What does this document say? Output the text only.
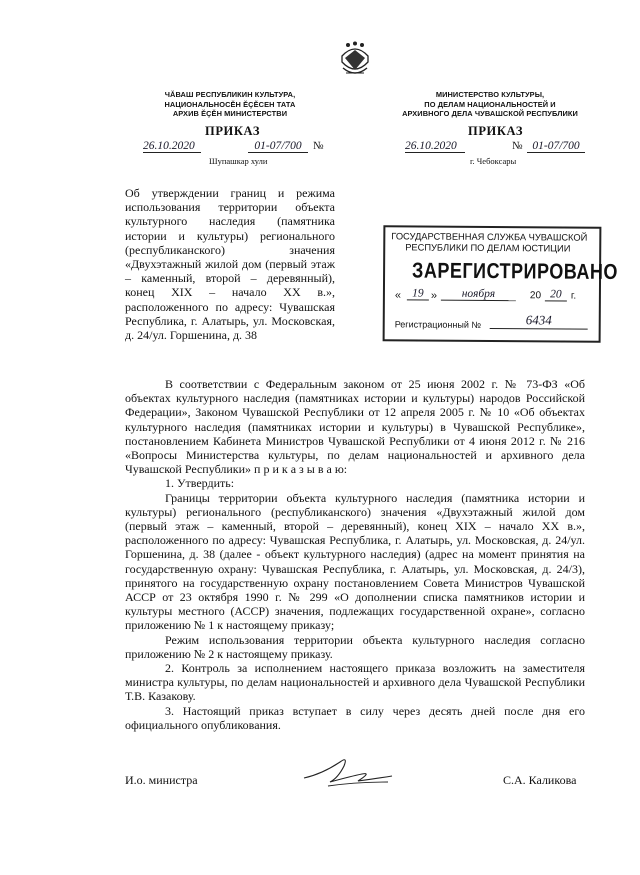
ЧӐВАШ РЕСПУБЛИКИН КУЛЬТУРА,
НАЦИОНАЛЬНОСĔН ĔÇĔСЕН ТАТА
АРХИВ ĔÇĔН МИНИСТЕРСТВИ
МИНИСТЕРСТВО КУЛЬТУРЫ,
ПО ДЕЛАМ НАЦИОНАЛЬНОСТЕЙ И
АРХИВНОГО ДЕЛА ЧУВАШСКОЙ РЕСПУБЛИКИ
ПРИКАЗ	ПРИКАЗ
26.10.2020	01-07/700	№
Шупашкар хули
26.10.2020	№ 01-07/700
г. Чебоксары
Об утверждении границ и режима использования территории объекта культурного наследия (памятника истории и культуры) регионального (республиканского) значения «Двухэтажный жилой дом (первый этаж – каменный, второй – деревянный), конец XIX – начало XX в.», расположенного по адресу: Чувашская Республика, г. Алатырь, ул. Московская, д. 24/ул. Горшенина, д. 38
ГОСУДАРСТВЕННАЯ СЛУЖБА ЧУВАШСКОЙ
РЕСПУБЛИКИ ПО ДЕЛАМ ЮСТИЦИИ
ЗАРЕГИСТРИРОВАНО
« 19 »	ноября	20 20 г.
Регистрационный №	6434

В соответствии с Федеральным законом от 25 июня 2002 г. № 73-ФЗ «Об объектах культурного наследия (памятниках истории и культуры) народов Российской Федерации», Законом Чувашской Республики от 12 апреля 2005 г. № 10 «Об объектах культурного наследия (памятниках истории и культуры) в Чувашской Республике», постановлением Кабинета Министров Чувашской Республики от 4 июня 2012 г. № 216 «Вопросы Министерства культуры, по делам национальностей и архивного дела Чувашской Республики» п р и к а з ы в а ю:

1. Утвердить:

Границы территории объекта культурного наследия (памятника истории и культуры) регионального (республиканского) значения «Двухэтажный жилой дом (первый этаж – каменный, второй – деревянный), конец XIX – начало XX в.», расположенного по адресу: Чувашская Республика, г. Алатырь, ул. Московская, д. 24/ул. Горшенина, д. 38 (далее - объект культурного наследия) (адрес на момент принятия на государственную охрану: Чувашская Республика, г. Алатырь, ул. Московская, д. 24/3), принятого на государственную охрану постановлением Совета Министров Чувашской АССР от 23 октября 1990 г. № 299 «О дополнении списка памятников истории и культуры местного (АССР) значения, подлежащих государственной охране», согласно приложению № 1 к настоящему приказу;

Режим использования территории объекта культурного наследия согласно приложению № 2 к настоящему приказу.

2. Контроль за исполнением настоящего приказа возложить на заместителя министра культуры, по делам национальностей и архивного дела Чувашской Республики Т.В. Казакову.

3. Настоящий приказ вступает в силу через десять дней после дня его официального опубликования.

И.о. министра	С.А. Каликова
